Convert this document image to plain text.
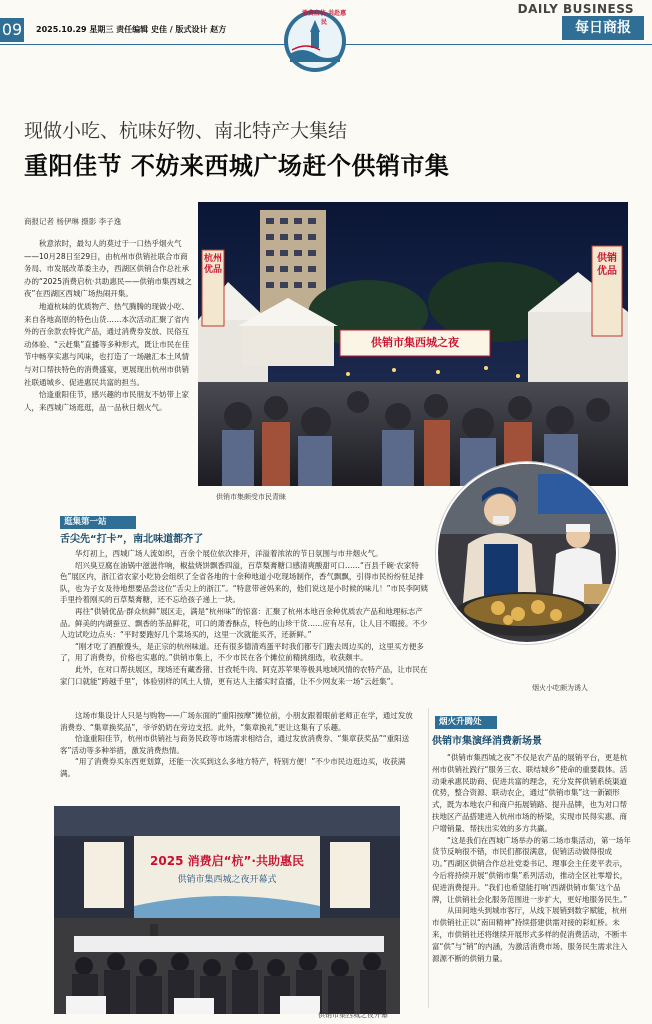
09 2025.10.29 星期三 责任编辑 史佳 / 版式设计 赵方
消费启杭·共赴惠民
DAILY BUSINESS
每日商报
现做小吃、杭味好物、南北特产大集结
重阳佳节 不妨来西城广场赶个供销市集
商报记者 杨伊琳 摄影 李子逸

秋意浓时，最勾人的莫过于一口热乎烟火气——10月28日至29日，由杭州市供销社联合市商务局、市发展改革委主办，西湖区供销合作总社承办的“2025消费启杭·共助惠民——供销市集西城之夜”在西湖区西城广场热闹开集。

地道杭味的优质物产、热气腾腾的现做小吃、来自各地高原的特色山货……本次活动汇聚了省内外的百余款农特优产品，通过消费券发放、民俗互动体验、“云赶集”直播等多种形式，既让市民在佳节中畅享实惠与风味，也打造了一场融汇本土风情与对口帮扶特色的消费盛宴，更展现出杭州市供销社联通城乡、促进惠民共富的担当。

恰逢重阳佳节，感兴趣的市民朋友不妨带上家人，来西城广场逛逛，品一品秋日烟火气。

供销市集西城之夜
杭州优品
供销优品
供销市集颇受市民青睐
烟火小吃颇为诱人
逛集第一站
舌尖先“打卡”，南北味道都齐了

华灯初上，西城广场人流如织，百余个展位依次排开，洋溢着浓浓的节日氛围与市井烟火气。

绍兴臭豆腐在油锅中滋滋作响，椒盐烧饼飘香四溢，百草梨膏糖口感清爽酸甜可口……“百县千碗·农家特色”展区内，浙江省农家小吃协会组织了全省各地的十余种地道小吃现场制作，香气飘飘，引得市民纷纷驻足排队，也为子女及待地想要品尝这位“舌尖上的浙江”。“特意带爸妈来的，他们说这是小时候的味儿！”市民李阿姨手里拎着刚买的百草梨膏糖，还不忘给孩子递上一块。

再往“供销优品·群众杭鲜”展区走，满是“杭州味”的惊喜：汇聚了杭州本地百余种优质农产品和地理标志产品。鲜美的内湖蚕豆、飘香的茶品鲜花，可口的萧香酥点，特色的山珍干货……应有尽有，让人目不暇接。不少人边试吃边点头：“平时要跑好几个菜场买的，这里一次就能买齐，还新鲜。”

“刚才吃了酒酿馒头，是正宗的杭州味道。还有很多德清鸡蛋平时我们都专门跑去周边买的，这里买方便多了，用了消费券，价格也实惠的。”供销市集上，不少市民在各个摊位前精挑细选，收获颇丰。

此外，在对口帮扶展区，现场还有藏香猪、甘孜牦牛肉、阿克苏苹果等极具地域风情的农特产品，让市民在家门口就能“跨越千里”，体验别样的风土人情，更有达人主播实时直播，让不少网友来一场“云赶集”。

这场市集设计人只是与购物——广场东面的“重阳按摩”摊位前，小朋友跟着眼前老师正在学，通过发放消费券、“集章换奖品”，爷爷奶奶在旁边支招。此外，“集章换礼”更让这集有了乐趣。

恰逢重阳佳节，杭州市供销社与商务民政等市场需求相结合，通过发放消费券、“集章获奖品”“重阳送客”活动等多种举措，激发消费热情。

“用了消费券买东西更划算，还能一次买到这么多地方特产，特别方便！”不少市民边逛边买，收获满满。

2025 消费启“杭”·共助惠民
供销市集西城之夜开幕式
供销市集西城之夜开幕
烟火升腾处
供销市集演绎消费新场景

“供销市集西城之夜”不仅是农产品的展销平台，更是杭州市供销社践行“服务三农、联结城乡”使命的重要载体。活动秉承惠民助商、促进共富的理念，充分发挥供销系统渠道优势，整合资源、联动农企，通过“供销市集”这一新颖形式，既为本地农户和商户拓展销路、提升品牌，也为对口帮扶地区产品搭建进入杭州市场的桥梁，实现市民得实惠、商户增销量、帮扶出实效的多方共赢。

“这是我们在西城广场举办的第二场市集活动，第一场年货节反响很不错，市民们都很满意，促销活动做得很成功。”西湖区供销合作总社党委书记、理事会主任麦平表示，今后将持续开展“供销市集”系列活动，推动全区社零增长，促进消费提升。“我们也希望能打响‘西湖供销市集’这个品牌，让供销社会化服务范围进一步扩大，更好地服务民生。”

从田间地头到城市客厅，从线下展销到数字赋能，杭州市供销社正以“南田精神”持续搭建供需对接的彩虹桥。未来，市供销社还将继续开展形式多样的促消费活动，不断丰富“供”与“销”的内涵，为激活消费市场、服务民生需求注入源源不断的供销力量。
